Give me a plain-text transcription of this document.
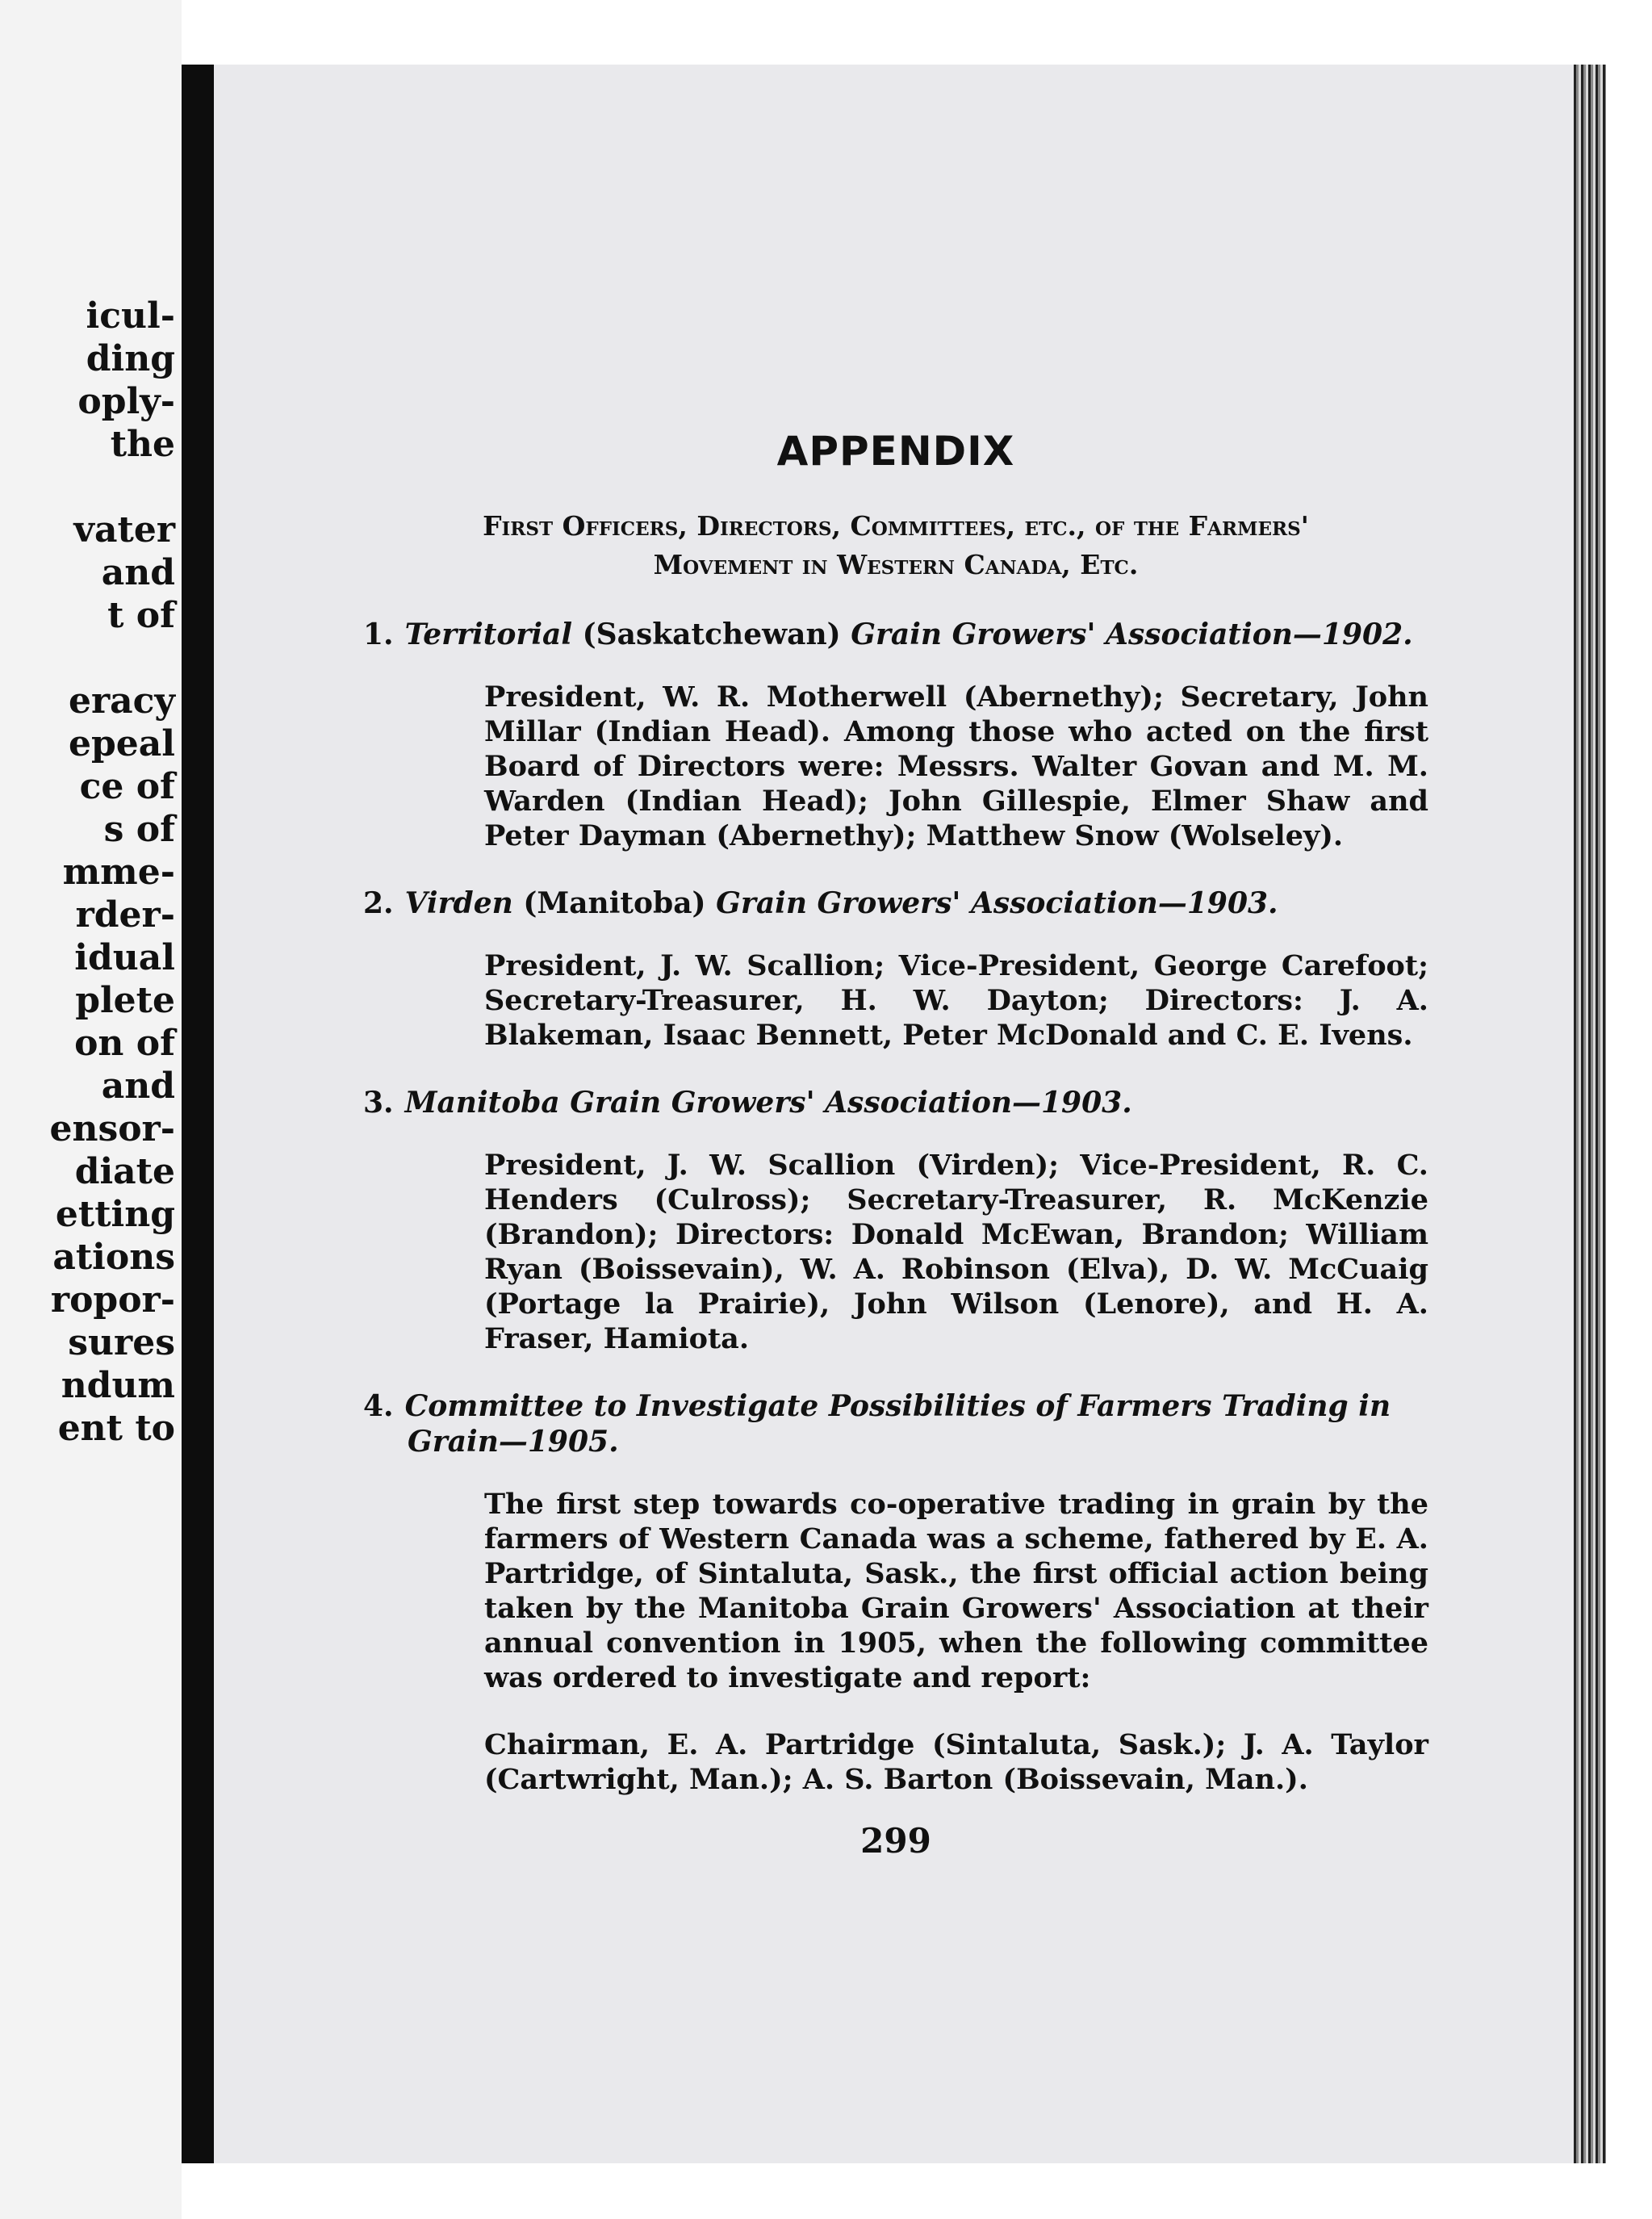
icul-
ding
oply-
the
vater
and
t of
eracy
epeal
ce of
s of
mme-
rder-
idual
plete
on of
and
ensor-
diate
etting
ations
ropor-
sures
ndum
ent to
APPENDIX
First Officers, Directors, Committees, etc., of the Farmers'
Movement in Western Canada, Etc.
1. Territorial (Saskatchewan) Grain Growers' Association—1902.

President, W. R. Motherwell (Abernethy); Secretary, John Millar (Indian Head). Among those who acted on the first Board of Directors were: Messrs. Walter Govan and M. M. Warden (Indian Head); John Gillespie, Elmer Shaw and Peter Dayman (Abernethy); Matthew Snow (Wolseley).

2. Virden (Manitoba) Grain Growers' Association—1903.

President, J. W. Scallion; Vice-President, George Carefoot; Secretary-Treasurer, H. W. Dayton; Directors: J. A. Blakeman, Isaac Bennett, Peter McDonald and C. E. Ivens.

3. Manitoba Grain Growers' Association—1903.

President, J. W. Scallion (Virden); Vice-President, R. C. Henders (Culross); Secretary-Treasurer, R. McKenzie (Brandon); Directors: Donald McEwan, Brandon; William Ryan (Boissevain), W. A. Robinson (Elva), D. W. McCuaig (Portage la Prairie), John Wilson (Lenore), and H. A. Fraser, Hamiota.

4. Committee to Investigate Possibilities of Farmers Trading in Grain—1905.

The first step towards co-operative trading in grain by the farmers of Western Canada was a scheme, fathered by E. A. Partridge, of Sintaluta, Sask., the first official action being taken by the Manitoba Grain Growers' Association at their annual convention in 1905, when the following committee was ordered to investigate and report:

Chairman, E. A. Partridge (Sintaluta, Sask.); J. A. Taylor (Cartwright, Man.); A. S. Barton (Boissevain, Man.).

299
